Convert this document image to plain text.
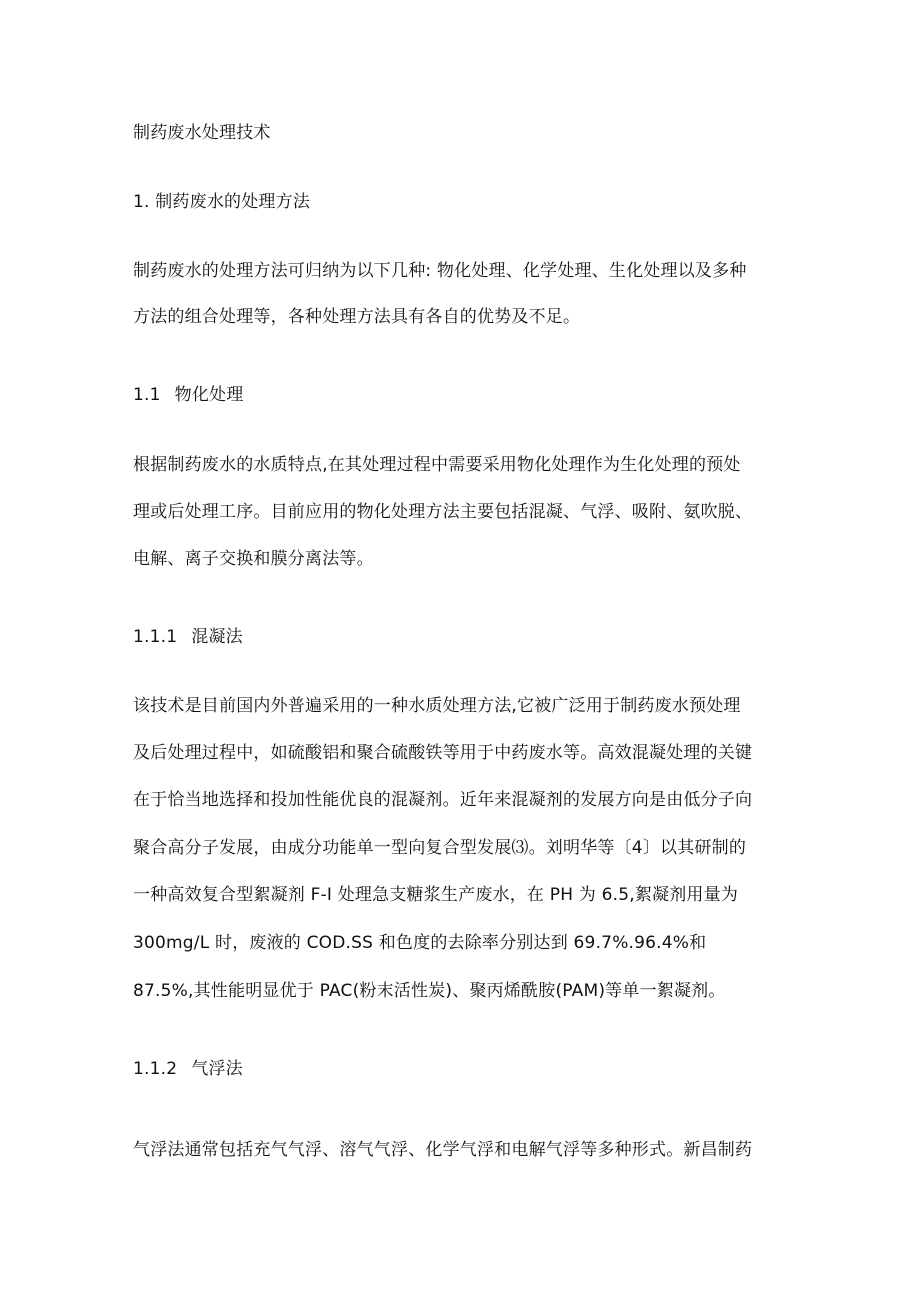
制药废水处理技术
1. 制药废水的处理方法
制药废水的处理方法可归纳为以下几种: 物化处理、化学处理、生化处理以及多种
方法的组合处理等，各种处理方法具有各自的优势及不足。
1.1 物化处理
根据制药废水的水质特点,在其处理过程中需要采用物化处理作为生化处理的预处
理或后处理工序。目前应用的物化处理方法主要包括混凝、气浮、吸附、氨吹脱、
电解、离子交换和膜分离法等。
1.1.1 混凝法
该技术是目前国内外普遍采用的一种水质处理方法,它被广泛用于制药废水预处理
及后处理过程中，如硫酸铝和聚合硫酸铁等用于中药废水等。高效混凝处理的关键
在于恰当地选择和投加性能优良的混凝剂。近年来混凝剂的发展方向是由低分子向
聚合高分子发展，由成分功能单一型向复合型发展⑶。刘明华等〔4〕以其研制的
一种高效复合型絮凝剂 F-I 处理急支糖浆生产废水，在 PH 为 6.5,絮凝剂用量为
300mg/L 时，废液的 COD.SS 和色度的去除率分别达到 69.7%.96.4%和
87.5%,其性能明显优于 PAC(粉末活性炭)、聚丙烯酰胺(PAM)等单一絮凝剂。
1.1.2 气浮法
气浮法通常包括充气气浮、溶气气浮、化学气浮和电解气浮等多种形式。新昌制药
